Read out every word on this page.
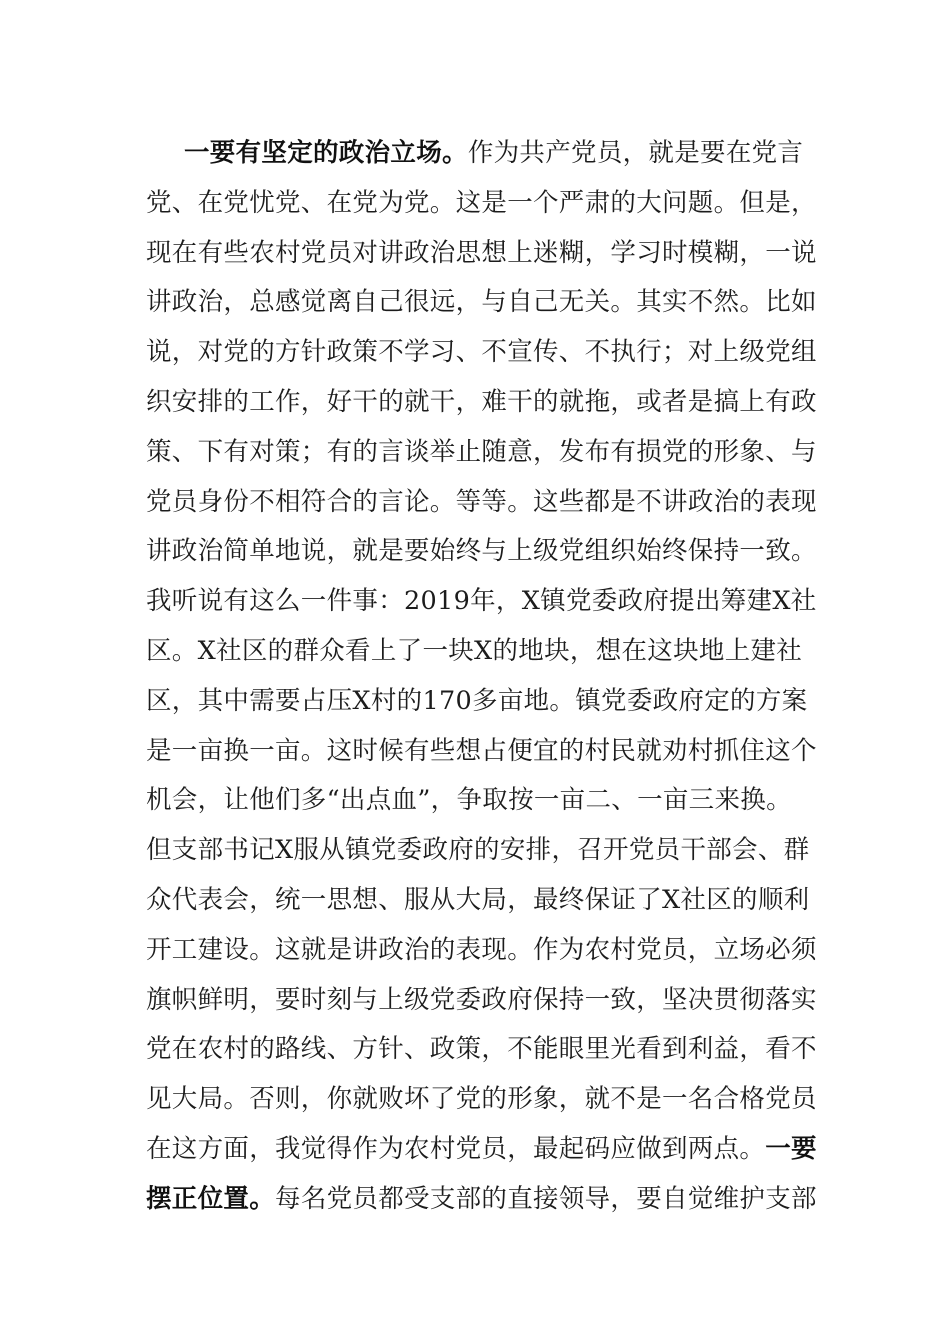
一要有坚定的政治立场。作为共产党员，就是要在党言
党、在党忧党、在党为党。这是一个严肃的大问题。但是，
现在有些农村党员对讲政治思想上迷糊，学习时模糊，一说
讲政治，总感觉离自己很远，与自己无关。其实不然。比如
说，对党的方针政策不学习、不宣传、不执行；对上级党组
织安排的工作，好干的就干，难干的就拖，或者是搞上有政
策、下有对策；有的言谈举止随意，发布有损党的形象、与
党员身份不相符合的言论。等等。这些都是不讲政治的表现
讲政治简单地说，就是要始终与上级党组织始终保持一致。
我听说有这么一件事：2019年，X镇党委政府提出筹建X社
区。X社区的群众看上了一块X的地块，想在这块地上建社
区，其中需要占压X村的170多亩地。镇党委政府定的方案
是一亩换一亩。这时候有些想占便宜的村民就劝村抓住这个
机会，让他们多“出点血”，争取按一亩二、一亩三来换。
但支部书记X服从镇党委政府的安排，召开党员干部会、群
众代表会，统一思想、服从大局，最终保证了X社区的顺利
开工建设。这就是讲政治的表现。作为农村党员，立场必须
旗帜鲜明，要时刻与上级党委政府保持一致，坚决贯彻落实
党在农村的路线、方针、政策，不能眼里光看到利益，看不
见大局。否则，你就败坏了党的形象，就不是一名合格党员
在这方面，我觉得作为农村党员，最起码应做到两点。一要
摆正位置。每名党员都受支部的直接领导，要自觉维护支部
